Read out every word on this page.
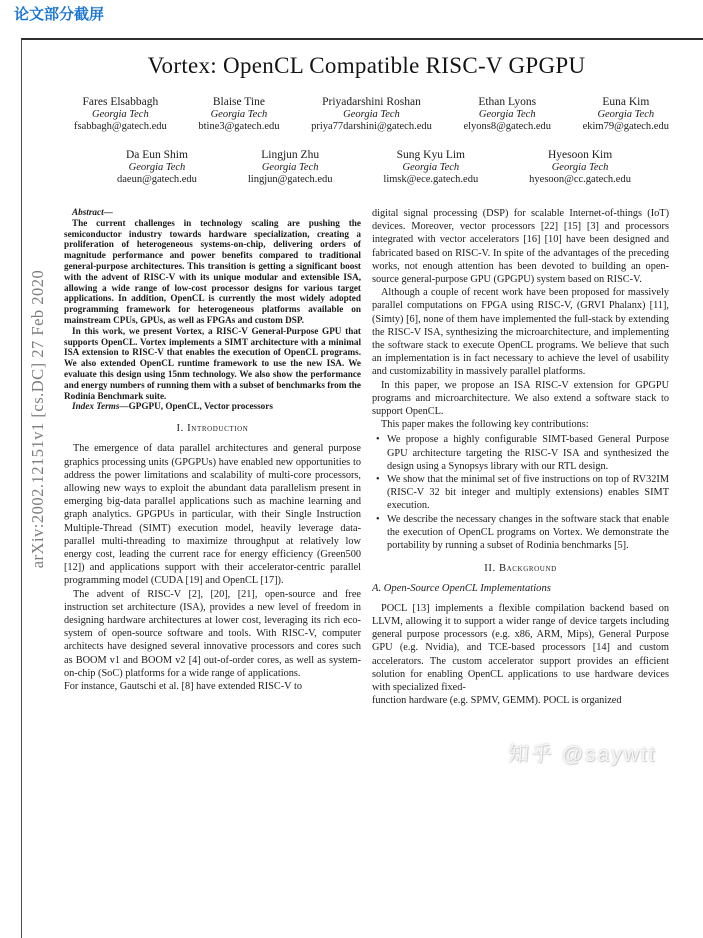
论文部分截屏
Vortex: OpenCL Compatible RISC-V GPGPU
Fares Elsabbagh
Georgia Tech
fsabbagh@gatech.edu
Blaise Tine
Georgia Tech
btine3@gatech.edu
Priyadarshini Roshan
Georgia Tech
priya77darshini@gatech.edu
Ethan Lyons
Georgia Tech
elyons8@gatech.edu
Euna Kim
Georgia Tech
ekim79@gatech.edu
Da Eun Shim
Georgia Tech
daeun@gatech.edu
Lingjun Zhu
Georgia Tech
lingjun@gatech.edu
Sung Kyu Lim
Georgia Tech
limsk@ece.gatech.edu
Hyesoon Kim
Georgia Tech
hyesoon@cc.gatech.edu
Abstract—
The current challenges in technology scaling are pushing the semiconductor industry towards hardware specialization, creating a proliferation of heterogeneous systems-on-chip, delivering orders of magnitude performance and power benefits compared to traditional general-purpose architectures. This transition is getting a significant boost with the advent of RISC-V with its unique modular and extensible ISA, allowing a wide range of low-cost processor designs for various target applications. In addition, OpenCL is currently the most widely adopted programming framework for heterogeneous platforms available on mainstream CPUs, GPUs, as well as FPGAs and custom DSP.
In this work, we present Vortex, a RISC-V General-Purpose GPU that supports OpenCL. Vortex implements a SIMT architecture with a minimal ISA extension to RISC-V that enables the execution of OpenCL programs. We also extended OpenCL runtime framework to use the new ISA. We evaluate this design using 15nm technology. We also show the performance and energy numbers of running them with a subset of benchmarks from the Rodinia Benchmark suite.
Index Terms—GPGPU, OpenCL, Vector processors
I. Introduction
The emergence of data parallel architectures and general purpose graphics processing units (GPGPUs) have enabled new opportunities to address the power limitations and scalability of multi-core processors, allowing new ways to exploit the abundant data parallelism present in emerging big-data parallel applications such as machine learning and graph analytics. GPGPUs in particular, with their Single Instruction Multiple-Thread (SIMT) execution model, heavily leverage data-parallel multi-threading to maximize throughput at relatively low energy cost, leading the current race for energy efficiency (Green500 [12]) and applications support with their accelerator-centric parallel programming model (CUDA [19] and OpenCL [17]).
The advent of RISC-V [2], [20], [21], open-source and free instruction set architecture (ISA), provides a new level of freedom in designing hardware architectures at lower cost, leveraging its rich eco-system of open-source software and tools. With RISC-V, computer architects have designed several innovative processors and cores such as BOOM v1 and BOOM v2 [4] out-of-order cores, as well as system-on-chip (SoC) platforms for a wide range of applications.
For instance, Gautschi et al. [8] have extended RISC-V to
digital signal processing (DSP) for scalable Internet-of-things (IoT) devices. Moreover, vector processors [22] [15] [3] and processors integrated with vector accelerators [16] [10] have been designed and fabricated based on RISC-V. In spite of the advantages of the preceding works, not enough attention has been devoted to building an open-source general-purpose GPU (GPGPU) system based on RISC-V.
Although a couple of recent work have been proposed for massively parallel computations on FPGA using RISC-V, (GRVI Phalanx) [11], (Simty) [6], none of them have implemented the full-stack by extending the RISC-V ISA, synthesizing the microarchitecture, and implementing the software stack to execute OpenCL programs. We believe that such an implementation is in fact necessary to achieve the level of usability and customizability in massively parallel platforms.
In this paper, we propose an ISA RISC-V extension for GPGPU programs and microarchitecture. We also extend a software stack to support OpenCL.
This paper makes the following key contributions:
• We propose a highly configurable SIMT-based General Purpose GPU architecture targeting the RISC-V ISA and synthesized the design using a Synopsys library with our RTL design.
• We show that the minimal set of five instructions on top of RV32IM (RISC-V 32 bit integer and multiply extensions) enables SIMT execution.
• We describe the necessary changes in the software stack that enable the execution of OpenCL programs on Vortex. We demonstrate the portability by running a subset of Rodinia benchmarks [5].
II. Background
A. Open-Source OpenCL Implementations
POCL [13] implements a flexible compilation backend based on LLVM, allowing it to support a wider range of device targets including general purpose processors (e.g. x86, ARM, Mips), General Purpose GPU (e.g. Nvidia), and TCE-based processors [14] and custom accelerators. The custom accelerator support provides an efficient solution for enabling OpenCL applications to use hardware devices with specialized fixed-
function hardware (e.g. SPMV, GEMM). POCL is organized
arXiv:2002.12151v1 [cs.DC] 27 Feb 2020
知乎 @saywtt
